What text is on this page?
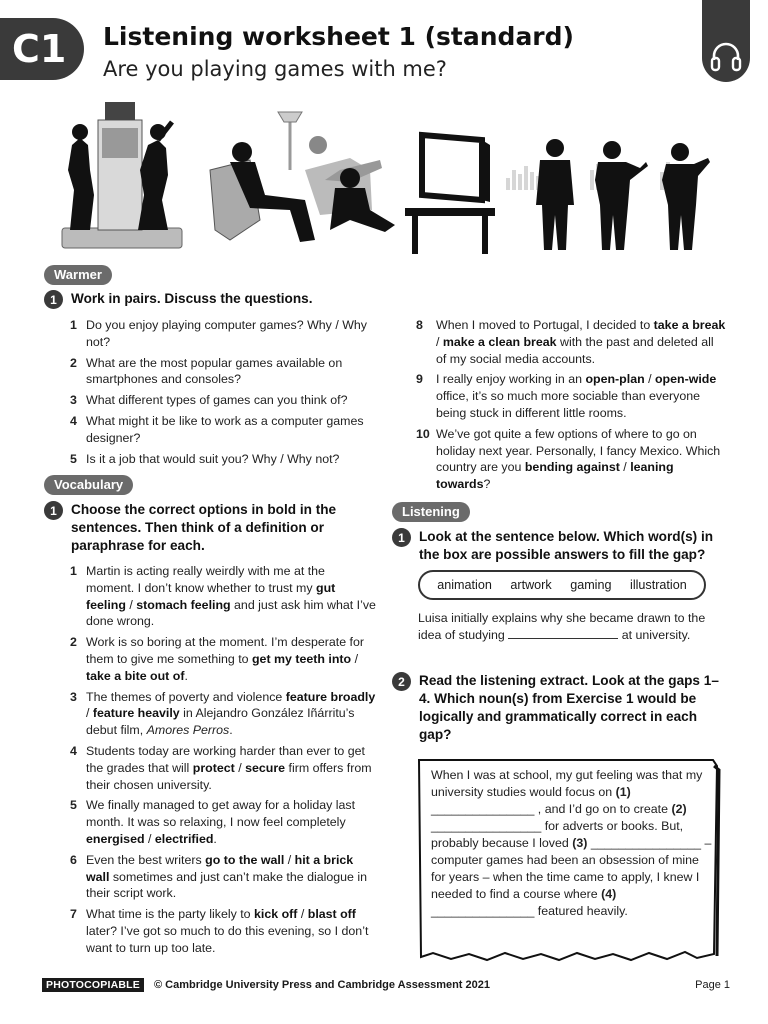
C1 Listening worksheet 1 (standard)
Are you playing games with me?
Warmer
1	Work in pairs. Discuss the questions.
1 Do you enjoy playing computer games? Why / Why not?
2 What are the most popular games available on smartphones and consoles?
3 What different types of games can you think of?
4 What might it be like to work as a computer games designer?
5 Is it a job that would suit you? Why / Why not?
Vocabulary
1	Choose the correct options in bold in the sentences. Then think of a definition or paraphrase for each.
1 Martin is acting really weirdly with me at the moment. I don’t know whether to trust my gut feeling / stomach feeling and just ask him what I’ve done wrong.
2 Work is so boring at the moment. I’m desperate for them to give me something to get my teeth into / take a bite out of.
3 The themes of poverty and violence feature broadly / feature heavily in Alejandro González Iñárritu’s debut film, Amores Perros.
4 Students today are working harder than ever to get the grades that will protect / secure firm offers from their chosen university.
5 We finally managed to get away for a holiday last month. It was so relaxing, I now feel completely energised / electrified.
6 Even the best writers go to the wall / hit a brick wall sometimes and just can’t make the dialogue in their script work.
7 What time is the party likely to kick off / blast off later? I’ve got so much to do this evening, so I don’t want to turn up too late.
8	When I moved to Portugal, I decided to take a break / make a clean break with the past and deleted all of my social media accounts.
9	I really enjoy working in an open-plan / open-wide office, it’s so much more sociable than everyone being stuck in different little rooms.
10 We’ve got quite a few options of where to go on holiday next year. Personally, I fancy Mexico. Which country are you bending against / leaning towards?
Listening
1	Look at the sentence below. Which word(s) in the box are possible answers to fill the gap?
animation artwork gaming illustration
Luisa initially explains why she became drawn to the idea of studying	at university.
2	Read the listening extract. Look at the gaps 1–4. Which noun(s) from Exercise 1 would be logically and grammatically correct in each gap?
When I was at school, my gut feeling was that my university studies would focus on (1) _______________ , and I’d go on to create (2) ________________ for adverts or books. But, probably because I loved (3) ________________ – computer games had been an obsession of mine for years – when the time came to apply, I knew I needed to find a course where (4) _______________ featured heavily.
PHOTOCOPIABLE	© Cambridge University Press and Cambridge Assessment 2021	Page 1
